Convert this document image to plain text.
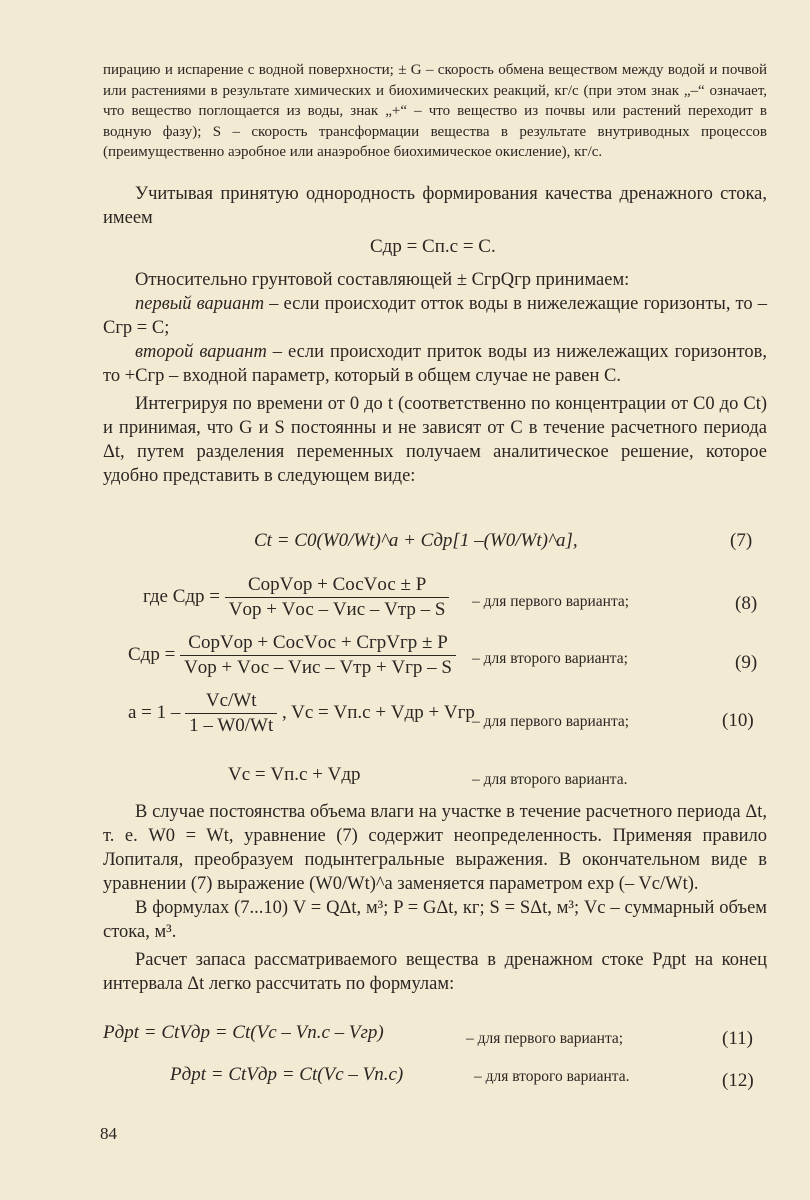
пирацию и испарение с водной поверхности; ± G – скорость обмена веществом между водой и почвой или растениями в результате химических и биохимических реакций, кг/с (при этом знак „–“ означает, что вещество поглощается из воды, знак „+“ – что вещество из почвы или растений переходит в водную фазу); S – скорость трансформации вещества в результате внутриводных процессов (преимущественно аэробное или анаэробное биохимическое окисление), кг/с.

Учитывая принятую однородность формирования качества дренажного стока, имеем

Cдр = Cп.с = C.

Относительно грунтовой составляющей ± CгрQгр принимаем:

первый вариант – если происходит отток воды в нижележащие горизонты, то –Cгр = C;

второй вариант – если происходит приток воды из нижележащих горизонтов, то +Cгр – входной параметр, который в общем случае не равен C.

Интегрируя по времени от 0 до t (соответственно по концентрации от C0 до Ct) и принимая, что G и S постоянны и не зависят от C в течение расчетного периода Δt, путем разделения переменных получаем аналитическое решение, которое удобно представить в следующем виде:

Ct = C0(W0/Wt)^a + Cдр[1 –(W0/Wt)^a],	(7)
где Cдр = $\frac{\text{CорVор + CосVос ± P}}{\text{Vор + Vос – Vис – Vтр – S}}$ – для первого варианта;	(8)
Cдр = $\frac{\text{CорVор + CосVос + CгрVгр ± P}}{\text{Vор + Vос – Vис – Vтр + Vгр – S}}$ – для второго варианта;	(9)
$a = 1 - \frac{Vс/Wt}{1 - W0/Wt}$ , Vс = Vп.с + Vдр + Vгр
– для первого варианта;	(10)
Vс = Vп.с + Vдр	– для второго варианта.

В случае постоянства объема влаги на участке в течение расчетного периода Δt, т. е. W0 = Wt, уравнение (7) содержит неопределенность. Применяя правило Лопиталя, преобразуем подынтегральные выражения. В окончательном виде в уравнении (7) выражение (W0/Wt)^a заменяется параметром exp (– Vс/Wt).

В формулах (7...10) V = QΔt, м³; P = GΔt, кг; S = SΔt, м³; Vс – суммарный объем стока, м³.

Расчет запаса рассматриваемого вещества в дренажном стоке Pдрt на конец интервала Δt легко рассчитать по формулам:

Pдрt = CtVдр = Ct(Vс – Vп.с – Vгр)	– для первого варианта;	(11)
Pдрt = CtVдр = Ct(Vс – Vп.с)	– для второго варианта.	(12)
84
